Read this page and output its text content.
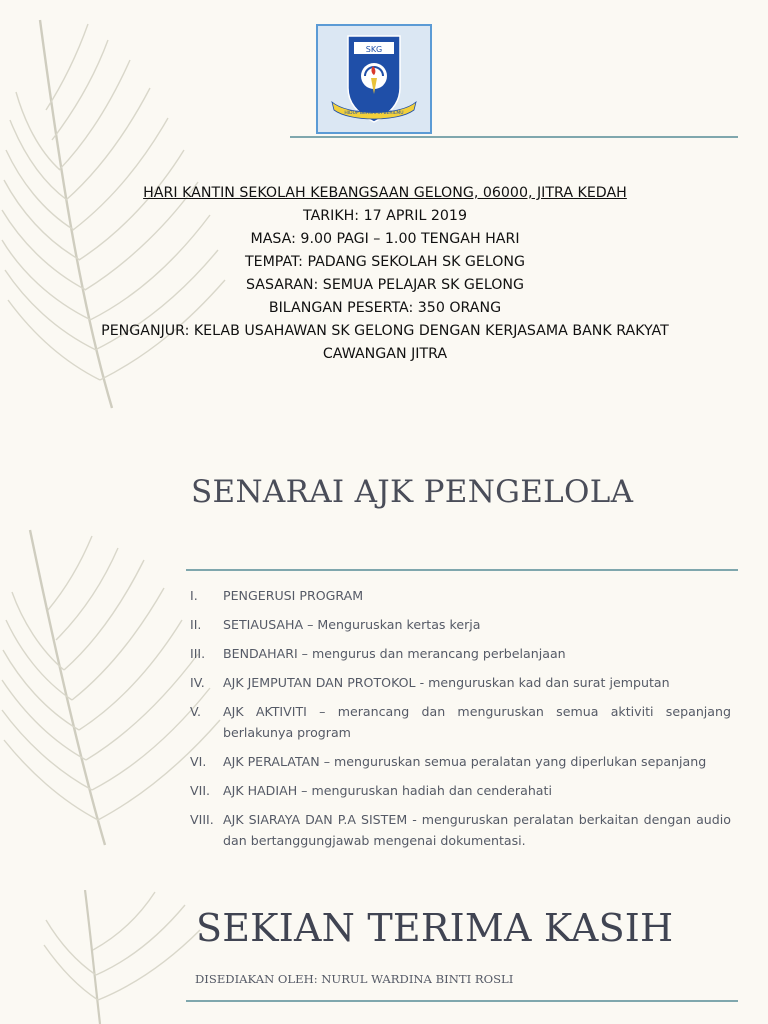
SKG
HIDUP BERSAMA BERILMU
HARI KANTIN SEKOLAH KEBANGSAAN GELONG, 06000, JITRA KEDAH
TARIKH: 17 APRIL 2019
MASA: 9.00 PAGI – 1.00 TENGAH HARI
TEMPAT: PADANG SEKOLAH SK GELONG
SASARAN: SEMUA PELAJAR SK GELONG
BILANGAN PESERTA: 350 ORANG
PENGANJUR: KELAB USAHAWAN SK GELONG DENGAN KERJASAMA BANK RAKYAT
CAWANGAN JITRA
SENARAI AJK PENGELOLA
I.	PENGERUSI PROGRAM
II.	SETIAUSAHA – Menguruskan kertas kerja
III.	BENDAHARI – mengurus dan merancang perbelanjaan
IV.	AJK JEMPUTAN DAN PROTOKOL - menguruskan kad dan surat jemputan
V.	AJK AKTIVITI – merancang dan menguruskan semua aktiviti sepanjang berlakunya program
VI.	AJK PERALATAN – menguruskan semua peralatan yang diperlukan sepanjang
VII.	AJK HADIAH – menguruskan hadiah dan cenderahati
VIII. AJK SIARAYA DAN P.A SISTEM - menguruskan peralatan berkaitan dengan audio dan bertanggungjawab mengenai dokumentasi.
SEKIAN TERIMA KASIH
DISEDIAKAN OLEH: NURUL WARDINA BINTI ROSLI
